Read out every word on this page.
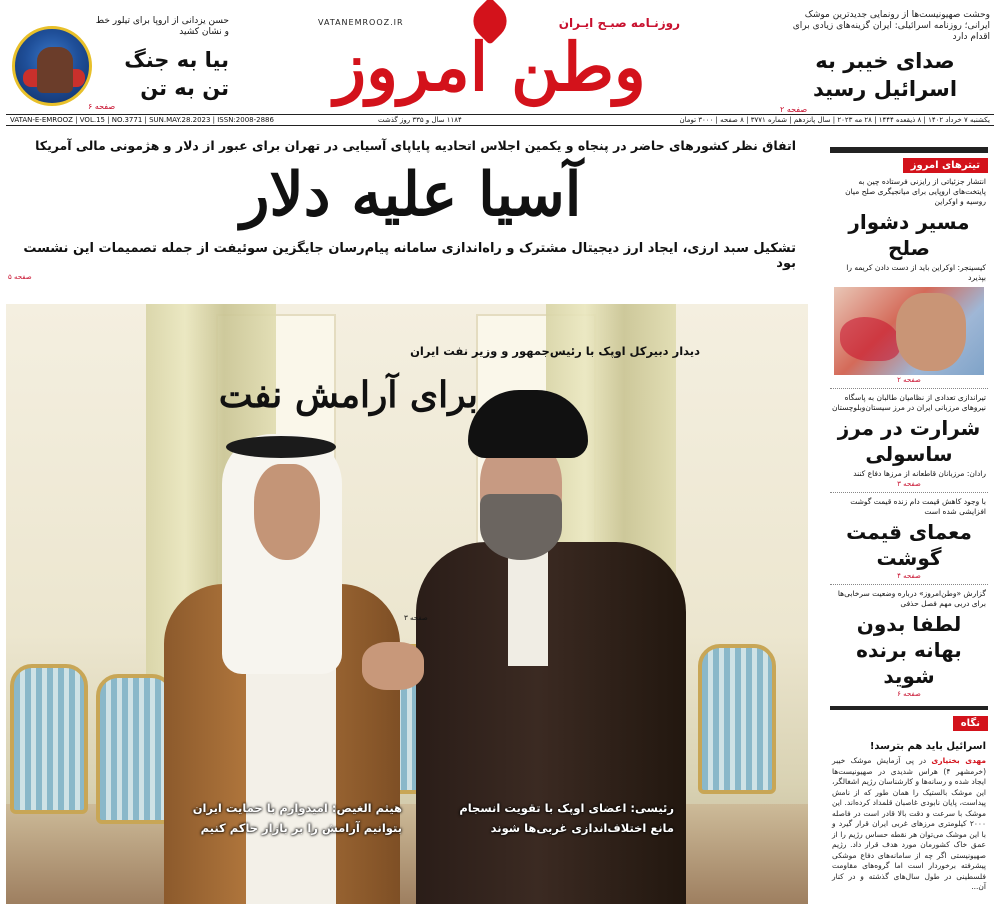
وحشت صهیونیست‌ها از رونمایی جدیدترین موشک ایرانی؛ روزنامه اسرائیلی: ایران گزینه‌های زیادی برای اقدام دارد
صدای خیبر به اسرائیل رسید
صفحه ۲
روزنـامه صبـح ایـران
VATANEMROOZ.IR
وطن امروز
حسن یزدانی از اروپا برای تیلور خط و نشان کشید
بیا به جنگ تن به تن
صفحه ۶
یکشنبه ۷ خرداد ۱۴۰۲ | ۸ ذیقعده ۱۴۴۴ | ۲۸ مه ۲۰۲۳ | سال پانزدهم | شماره ۳۷۷۱ | ۸ صفحه | ۳۰۰۰ تومان
۱۱۸۴ سال و ۳۳۵ روز گذشت
VATAN-E-EMROOZ | VOL.15 | NO.3771 | SUN.MAY.28.2023 | ISSN:2008-2886
اتفاق نظر کشورهای حاضر در پنجاه و یکمین اجلاس اتحادیه پایاپای آسیایی در تهران برای عبور از دلار و هژمونی مالی آمریکا
آسیا علیه دلار
تشکیل سبد ارزی، ایجاد ارز دیجیتال مشترک و راه‌اندازی سامانه پیام‌رسان جایگزین سوئیفت از جمله تصمیمات این نشست بود
صفحه ۵
دیدار دبیرکل اوپک با رئیس‌جمهور و وزیر نفت ایران
برای آرامش نفت
صفحه ۳
رئیسی: اعضای اوپک با تقویت انسجام مانع اختلاف‌اندازی غربی‌ها شوند
هیثم الغیص: امیدوارم با حمایت ایران بتوانیم آرامش را بر بازار حاکم کنیم
تیترهای امروز
انتشار جزئیاتی از رایزنی فرستاده چین به پایتخت‌های اروپایی برای میانجیگری صلح میان روسیه و اوکراین
مسیر دشوار صلح
کیسینجر: اوکراین باید از دست دادن کریمه را بپذیرد
صفحه ۲
تیراندازی تعدادی از نظامیان طالبان به پاسگاه نیروهای مرزبانی ایران در مرز سیستان‌وبلوچستان
شرارت در مرز ساسولی
رادان: مرزبانان قاطعانه از مرزها دفاع کنند
صفحه ۳
با وجود کاهش قیمت دام زنده قیمت گوشت افزایشی شده است
معمای قیمت گوشت
صفحه ۴
گزارش «وطن‌امروز» درباره وضعیت سرخابی‌ها برای دربی مهم فصل حذفی
لطفا بدون بهانه برنده شوید
صفحه ۶
نگاه
اسرائیل باید هم بترسد!
مهدی بختیاری در پی آزمایش موشک خیبر (خرمشهر ۴) هراس شدیدی در صهیونیست‌ها ایجاد شده و رسانه‌ها و کارشناسان رژیم اشغالگر، این موشک بالستیک را همان طور که از نامش پیداست، پایان نابودی غاصبان قلمداد کرده‌اند. این موشک با سرعت و دقت بالا قادر است در فاصله ۲۰۰۰ کیلومتری مرزهای غربی ایران قرار گیرد و با این موشک می‌توان هر نقطه حساس رژیم را از عمق خاک کشورمان مورد هدف قرار داد. رژیم صهیونیستی اگر چه از سامانه‌های دفاع موشکی پیشرفته برخوردار است اما گروه‌های مقاومت فلسطینی در طول سال‌های گذشته و در کنار آن...
